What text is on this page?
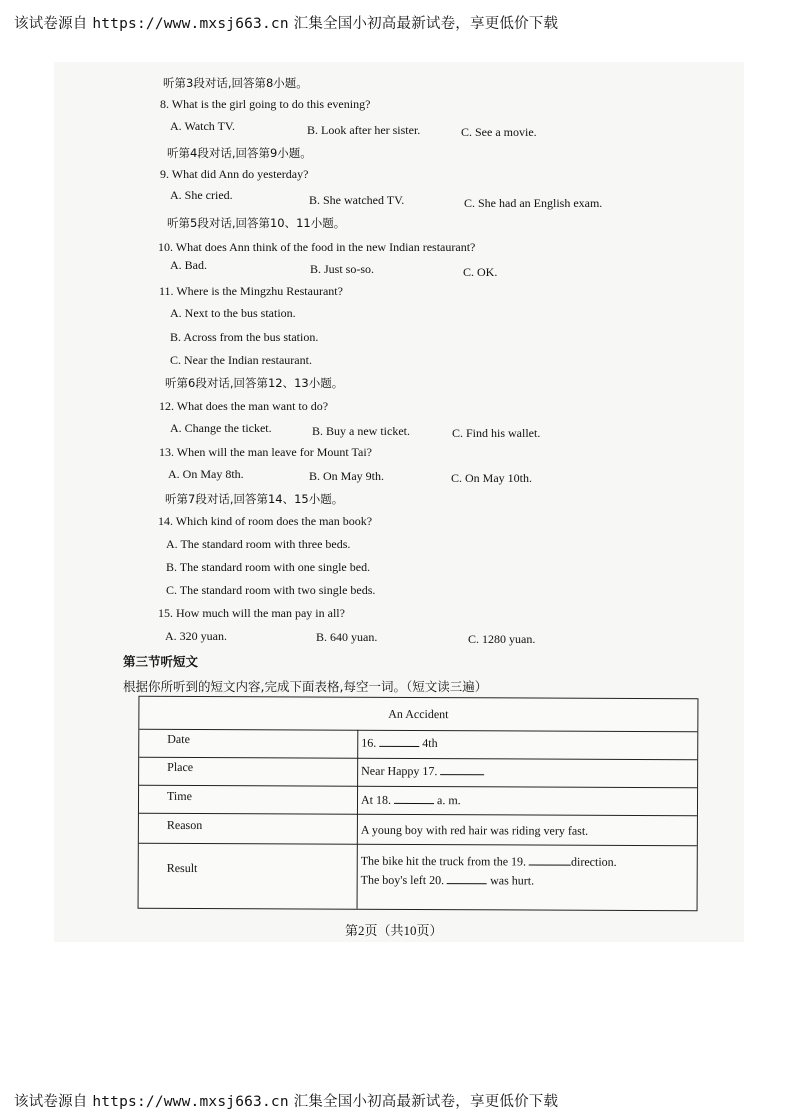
该试卷源自 https://www.mxsj663.cn 汇集全国小初高最新试卷，享更低价下载
听第3段对话,回答第8小题。
8. What is the girl going to do this evening?
A. Watch TV.	B. Look after her sister.	C. See a movie.
听第4段对话,回答第9小题。
9. What did Ann do yesterday?
A. She cried.	B. She watched TV.	C. She had an English exam.
听第5段对话,回答第10、11小题。
10. What does Ann think of the food in the new Indian restaurant?
A. Bad.	B. Just so-so.	C. OK.
11. Where is the Mingzhu Restaurant?
A. Next to the bus station.
B. Across from the bus station.
C. Near the Indian restaurant.
听第6段对话,回答第12、13小题。
12. What does the man want to do?
A. Change the ticket.	B. Buy a new ticket.	C. Find his wallet.
13. When will the man leave for Mount Tai?
A. On May 8th.	B. On May 9th.	C. On May 10th.
听第7段对话,回答第14、15小题。
14. Which kind of room does the man book?
A. The standard room with three beds.
B. The standard room with one single bed.
C. The standard room with two single beds.
15. How much will the man pay in all?
A. 320 yuan.	B. 640 yuan.	C. 1280 yuan.
第三节听短文
根据你所听到的短文内容,完成下面表格,每空一词。（短文读三遍）
An Accident
Date	16.	4th
Place	Near Happy 17.
Time	At 18.	a. m.
Reason	A young boy with red hair was riding very fast.
Result	The bike hit the truck from the 19.	direction.
The boy's left 20.	was hurt.
第2页（共10页）
该试卷源自 https://www.mxsj663.cn 汇集全国小初高最新试卷，享更低价下载
